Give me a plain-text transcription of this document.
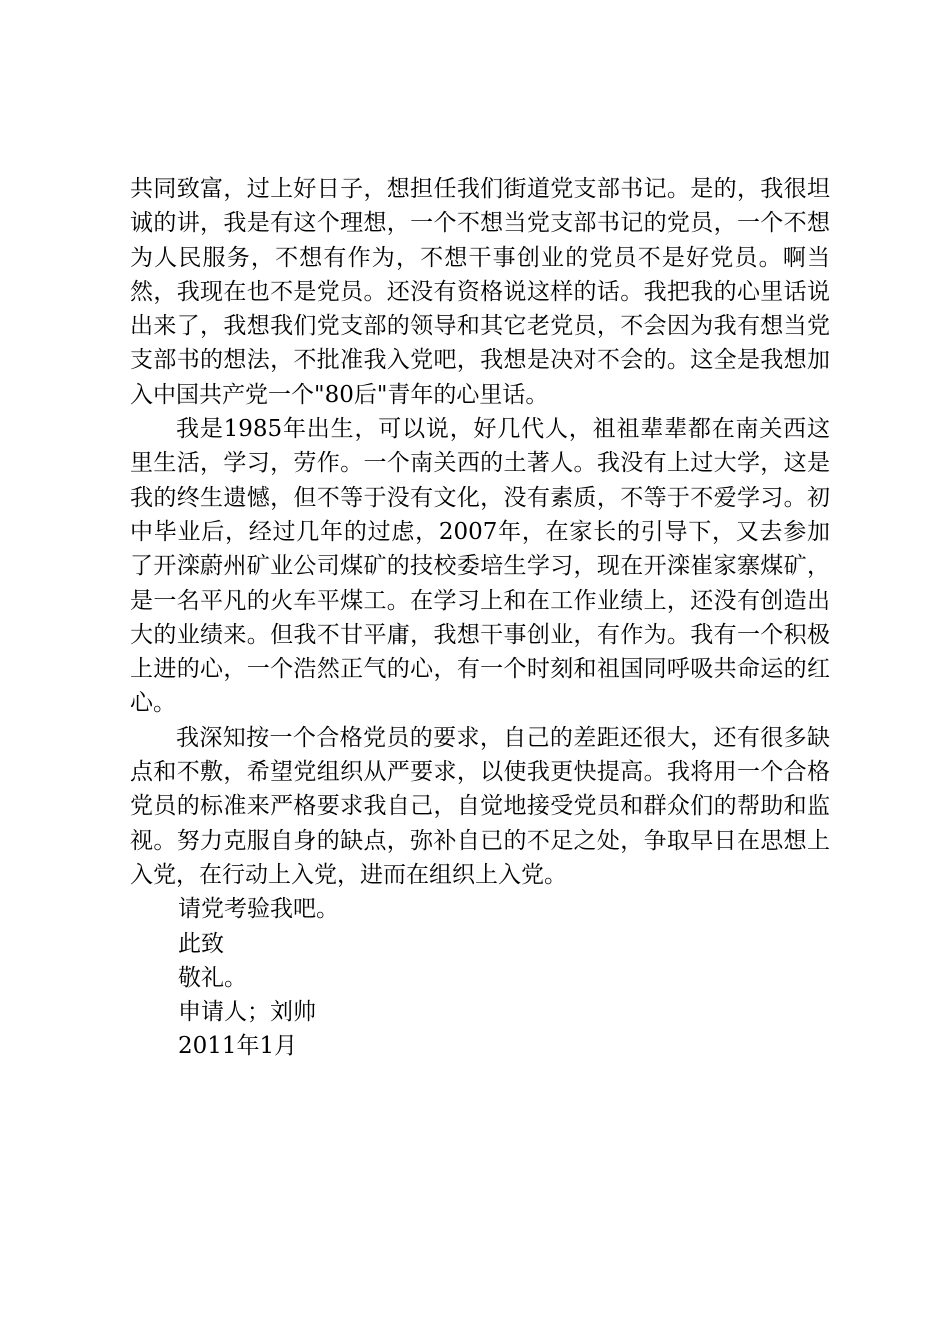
共同致富，过上好日子，想担任我们街道党支部书记。是的，我很坦诚的讲，我是有这个理想，一个不想当党支部书记的党员，一个不想为人民服务，不想有作为，不想干事创业的党员不是好党员。啊当然，我现在也不是党员。还没有资格说这样的话。我把我的心里话说出来了，我想我们党支部的领导和其它老党员，不会因为我有想当党支部书的想法，不批准我入党吧，我想是决对不会的。这全是我想加入中国共产党一个"80后"青年的心里话。

我是1985年出生，可以说，好几代人，祖祖辈辈都在南关西这里生活，学习，劳作。一个南关西的土著人。我没有上过大学，这是我的终生遗憾，但不等于没有文化，没有素质，不等于不爱学习。初中毕业后，经过几年的过虑，2007年，在家长的引导下，又去参加了开滦蔚州矿业公司煤矿的技校委培生学习，现在开滦崔家寨煤矿，是一名平凡的火车平煤工。在学习上和在工作业绩上，还没有创造出大的业绩来。但我不甘平庸，我想干事创业，有作为。我有一个积极上进的心，一个浩然正气的心，有一个时刻和祖国同呼吸共命运的红心。

我深知按一个合格党员的要求，自己的差距还很大，还有很多缺点和不敷，希望党组织从严要求，以使我更快提高。我将用一个合格党员的标准来严格要求我自己，自觉地接受党员和群众们的帮助和监视。努力克服自身的缺点，弥补自已的不足之处，争取早日在思想上入党，在行动上入党，进而在组织上入党。

请党考验我吧。

此致

敬礼。

申请人；刘帅

2011年1月
